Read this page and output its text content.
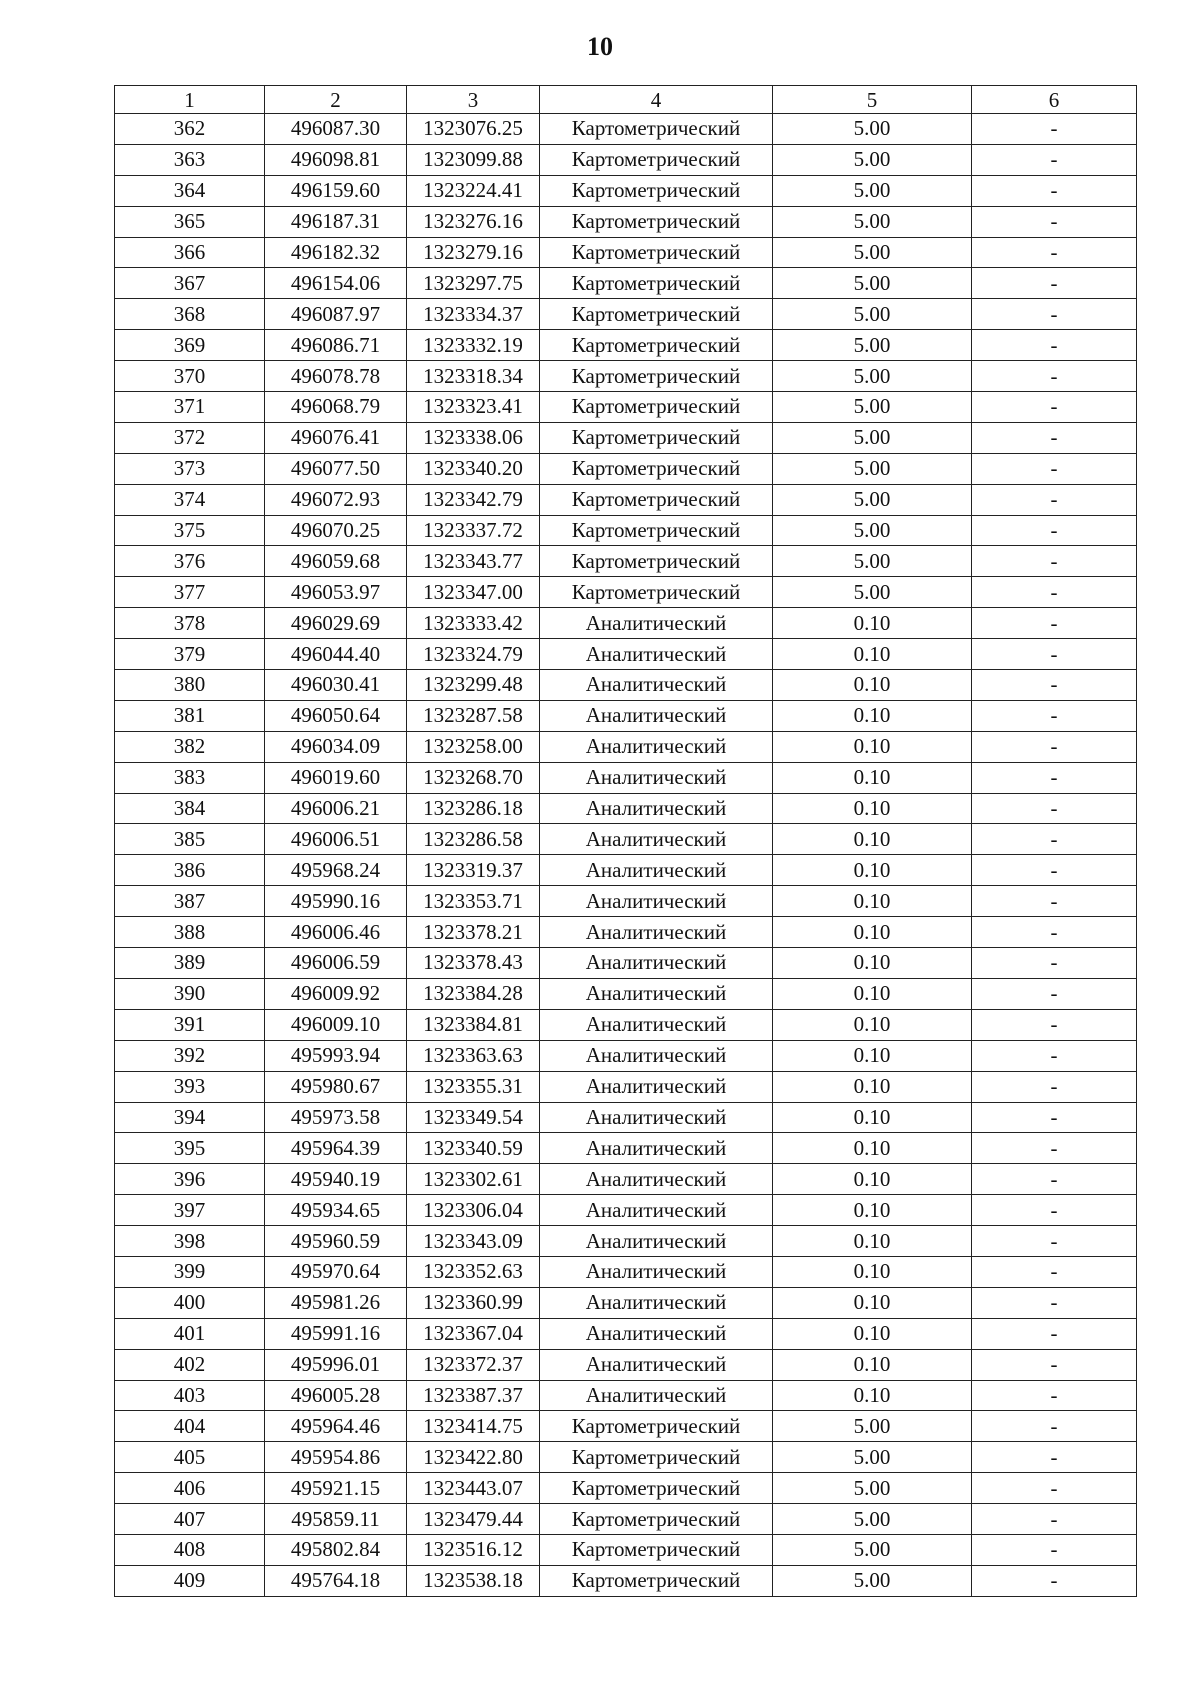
10
1	2	3	4	5	6
362	496087.30	1323076.25	Картометрический	5.00	-
363	496098.81	1323099.88	Картометрический	5.00	-
364	496159.60	1323224.41	Картометрический	5.00	-
365	496187.31	1323276.16	Картометрический	5.00	-
366	496182.32	1323279.16	Картометрический	5.00	-
367	496154.06	1323297.75	Картометрический	5.00	-
368	496087.97	1323334.37	Картометрический	5.00	-
369	496086.71	1323332.19	Картометрический	5.00	-
370	496078.78	1323318.34	Картометрический	5.00	-
371	496068.79	1323323.41	Картометрический	5.00	-
372	496076.41	1323338.06	Картометрический	5.00	-
373	496077.50	1323340.20	Картометрический	5.00	-
374	496072.93	1323342.79	Картометрический	5.00	-
375	496070.25	1323337.72	Картометрический	5.00	-
376	496059.68	1323343.77	Картометрический	5.00	-
377	496053.97	1323347.00	Картометрический	5.00	-
378	496029.69	1323333.42	Аналитический	0.10	-
379	496044.40	1323324.79	Аналитический	0.10	-
380	496030.41	1323299.48	Аналитический	0.10	-
381	496050.64	1323287.58	Аналитический	0.10	-
382	496034.09	1323258.00	Аналитический	0.10	-
383	496019.60	1323268.70	Аналитический	0.10	-
384	496006.21	1323286.18	Аналитический	0.10	-
385	496006.51	1323286.58	Аналитический	0.10	-
386	495968.24	1323319.37	Аналитический	0.10	-
387	495990.16	1323353.71	Аналитический	0.10	-
388	496006.46	1323378.21	Аналитический	0.10	-
389	496006.59	1323378.43	Аналитический	0.10	-
390	496009.92	1323384.28	Аналитический	0.10	-
391	496009.10	1323384.81	Аналитический	0.10	-
392	495993.94	1323363.63	Аналитический	0.10	-
393	495980.67	1323355.31	Аналитический	0.10	-
394	495973.58	1323349.54	Аналитический	0.10	-
395	495964.39	1323340.59	Аналитический	0.10	-
396	495940.19	1323302.61	Аналитический	0.10	-
397	495934.65	1323306.04	Аналитический	0.10	-
398	495960.59	1323343.09	Аналитический	0.10	-
399	495970.64	1323352.63	Аналитический	0.10	-
400	495981.26	1323360.99	Аналитический	0.10	-
401	495991.16	1323367.04	Аналитический	0.10	-
402	495996.01	1323372.37	Аналитический	0.10	-
403	496005.28	1323387.37	Аналитический	0.10	-
404	495964.46	1323414.75	Картометрический	5.00	-
405	495954.86	1323422.80	Картометрический	5.00	-
406	495921.15	1323443.07	Картометрический	5.00	-
407	495859.11	1323479.44	Картометрический	5.00	-
408	495802.84	1323516.12	Картометрический	5.00	-
409	495764.18	1323538.18	Картометрический	5.00	-
